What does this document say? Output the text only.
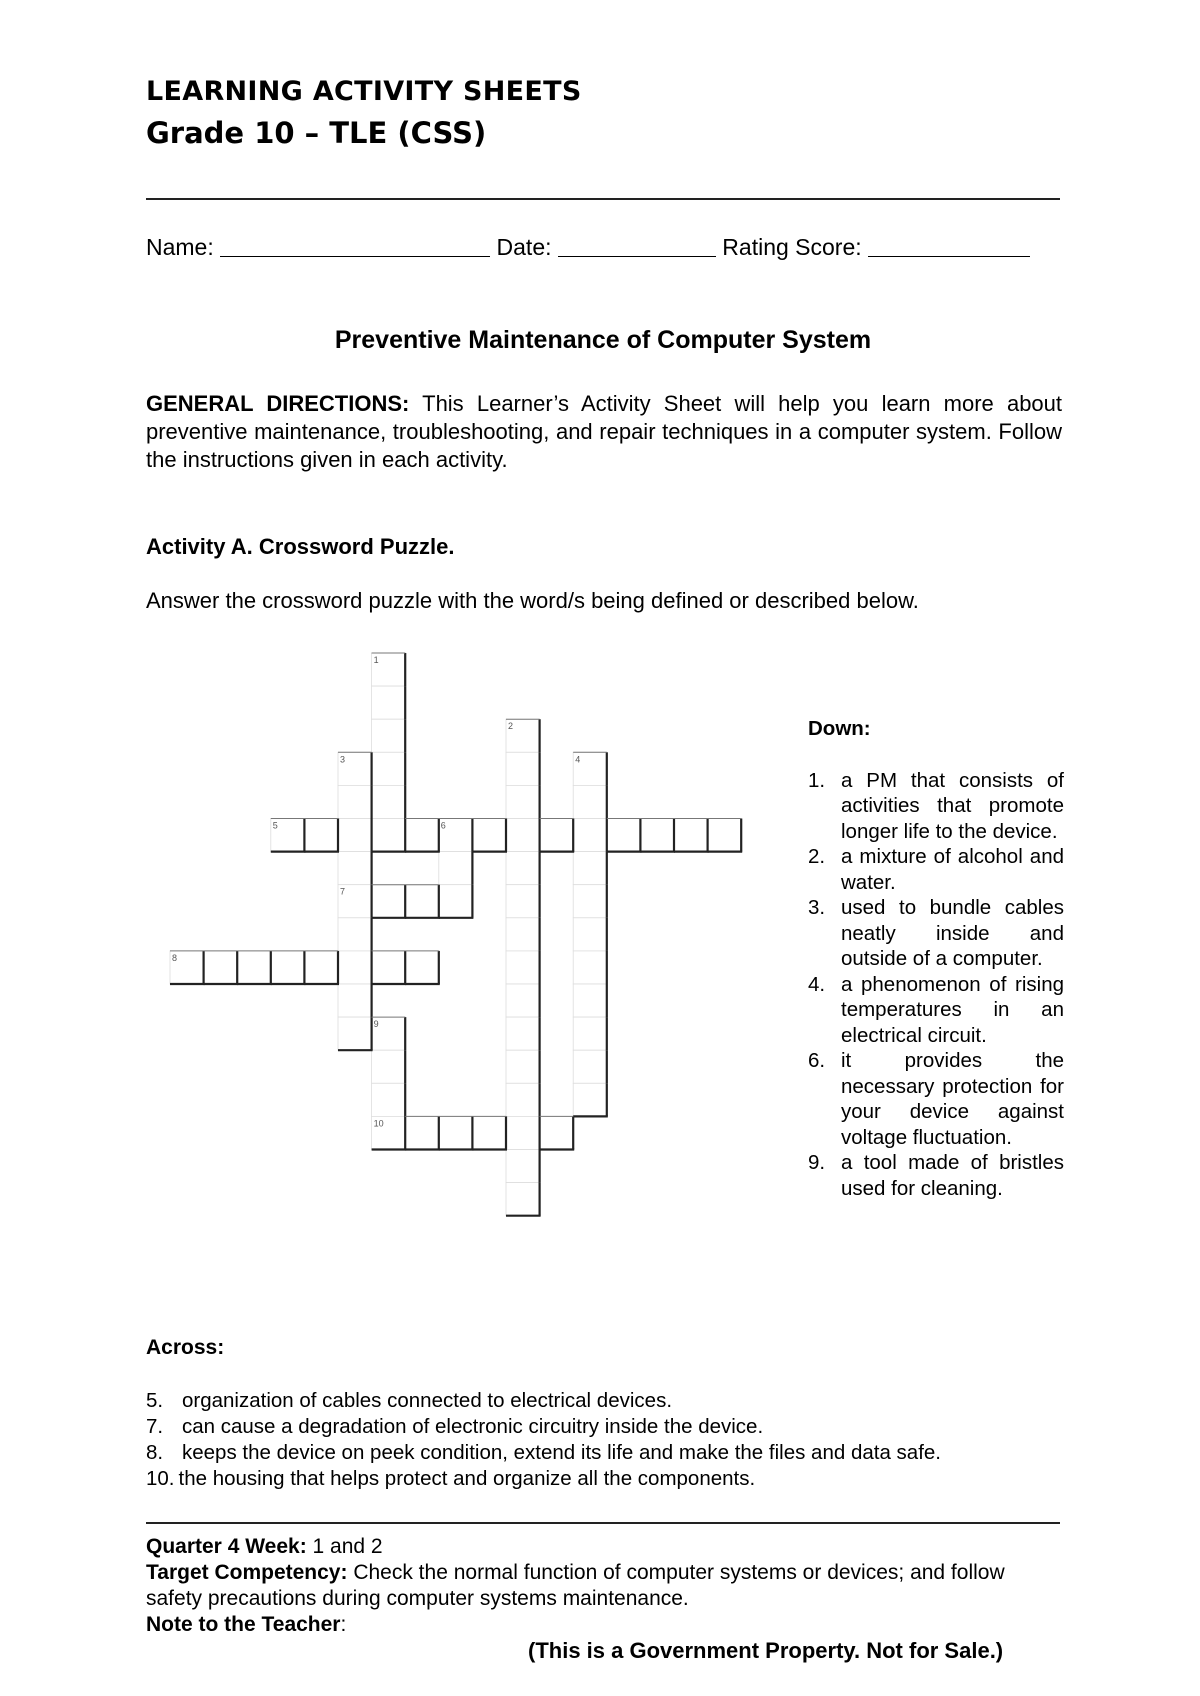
LEARNING ACTIVITY SHEETS
Grade 10 – TLE (CSS)
Name:	Date:	Rating Score:
Preventive Maintenance of Computer System
GENERAL DIRECTIONS: This Learner’s Activity Sheet will help you learn more about preventive maintenance, troubleshooting, and repair techniques in a computer system. Follow the instructions given in each activity.
Activity A. Crossword Puzzle.
Answer the crossword puzzle with the word/s being defined or described below.
1
2
3	4
5	6
7
8
9
10
Down:
1. a PM that consists of activities that promote longer life to the device.
2. a mixture of alcohol and water.
3. used to bundle cables neatly inside and outside of a computer.
4. a phenomenon of rising temperatures in an electrical circuit.
6. it provides the necessary protection for your device against voltage fluctuation.
9. a tool made of bristles used for cleaning.
Across:
5. organization of cables connected to electrical devices.
7. can cause a degradation of electronic circuitry inside the device.
8. keeps the device on peek condition, extend its life and make the files and data safe.
10. the housing that helps protect and organize all the components.
Quarter 4 Week: 1 and 2
Target Competency: Check the normal function of computer systems or devices; and follow safety precautions during computer systems maintenance.
Note to the Teacher:
(This is a Government Property. Not for Sale.)
